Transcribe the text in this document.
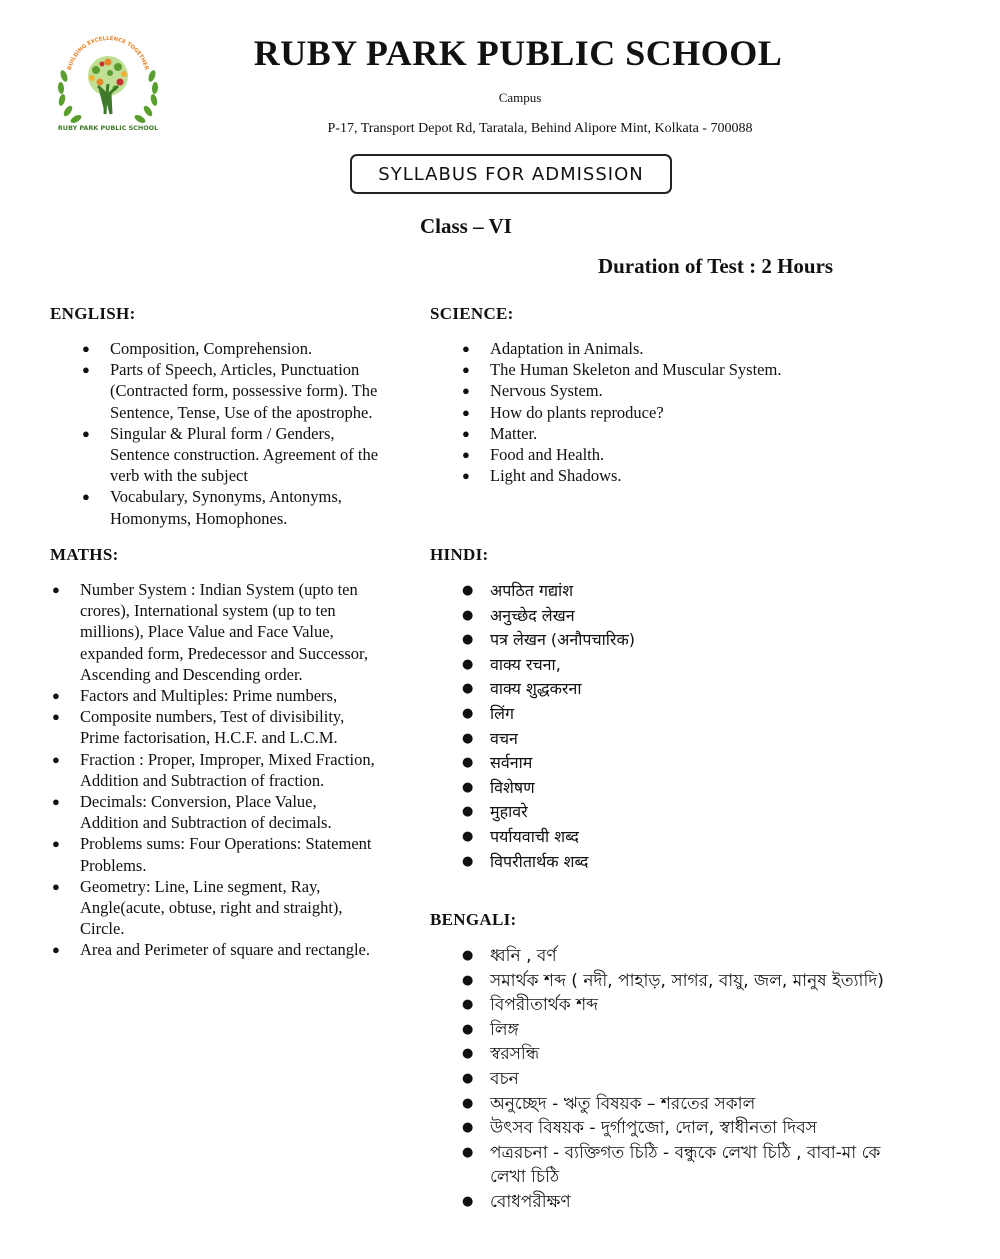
BUILDING EXCELLENCE TOGETHER
RUBY PARK PUBLIC SCHOOL
RUBY PARK PUBLIC SCHOOL
Campus
P-17, Transport Depot Rd, Taratala, Behind Alipore Mint, Kolkata - 700088
SYLLABUS FOR ADMISSION
Class – VI
Duration of Test : 2 Hours
ENGLISH:
● Composition, Comprehension.
● Parts of Speech, Articles, Punctuation
(Contracted form, possessive form). The
Sentence, Tense, Use of the apostrophe.
● Singular & Plural form / Genders,
Sentence construction. Agreement of the
verb with the subject
● Vocabulary, Synonyms, Antonyms,
Homonyms, Homophones.
SCIENCE:
● Adaptation in Animals.
● The Human Skeleton and Muscular System.
● Nervous System.
● How do plants reproduce?
● Matter.
● Food and Health.
● Light and Shadows.
MATHS:
● Number System : Indian System (upto ten
crores), International system (up to ten
millions), Place Value and Face Value,
expanded form, Predecessor and Successor,
Ascending and Descending order.
● Factors and Multiples: Prime numbers,
● Composite numbers, Test of divisibility,
Prime factorisation, H.C.F. and L.C.M.
● Fraction : Proper, Improper, Mixed Fraction,
Addition and Subtraction of fraction.
● Decimals: Conversion, Place Value,
Addition and Subtraction of decimals.
● Problems sums: Four Operations: Statement
Problems.
● Geometry: Line, Line segment, Ray,
Angle(acute, obtuse, right and straight),
Circle.
● Area and Perimeter of square and rectangle.
HINDI:
● अपठित गद्यांश
● अनुच्छेद लेखन
● पत्र लेखन (अनौपचारिक)
● वाक्य रचना,
● वाक्य शुद्धकरना
● लिंग
● वचन
● सर्वनाम
● विशेषण
● मुहावरे
● पर्यायवाची शब्द
● विपरीतार्थक शब्द
BENGALI:
● ধ্বনি , বর্ণ
● সমার্থক শব্দ ( নদী, পাহাড়, সাগর, বায়ু, জল, মানুষ ইত্যাদি)
● বিপরীতার্থক শব্দ
● লিঙ্গ
● স্বরসন্ধি
● বচন
● অনুচ্ছেদ - ঋতু বিষয়ক – শরতের সকাল
● উৎসব বিষয়ক - দুর্গাপুজো, দোল, স্বাধীনতা দিবস
● পত্ররচনা - ব্যক্তিগত চিঠি - বন্ধুকে লেখা চিঠি , বাবা-মা কে
লেখা চিঠি
● বোধপরীক্ষণ
